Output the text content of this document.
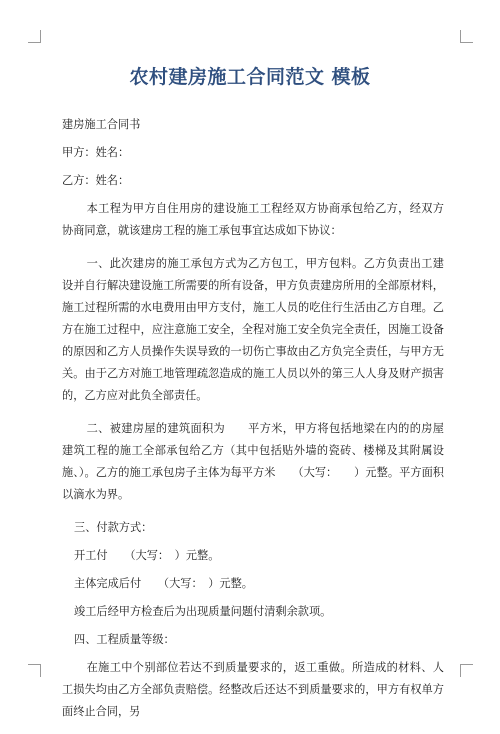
农村建房施工合同范文 模板

建房施工合同书

甲方：姓名：

乙方：姓名：

本工程为甲方自住用房的建设施工工程经双方协商承包给乙方，经双方协商同意，就该建房工程的施工承包事宜达成如下协议：

一、此次建房的施工承包方式为乙方包工，甲方包料。乙方负责出工建设并自行解决建设施工所需要的所有设备，甲方负责建房所用的全部原材料，施工过程所需的水电费用由甲方支付，施工人员的吃住行生活由乙方自理。乙方在施工过程中，应注意施工安全，全程对施工安全负完全责任，因施工设备的原因和乙方人员操作失误导致的一切伤亡事故由乙方负完全责任，与甲方无关。由于乙方对施工地管理疏忽造成的施工人员以外的第三人人身及财产损害的，乙方应对此负全部责任。

二、被建房屋的建筑面积为　　平方米，甲方将包括地梁在内的的房屋建筑工程的施工全部承包给乙方（其中包括贴外墙的瓷砖、楼梯及其附属设施、）。乙方的施工承包房子主体为每平方米　　（大写：　　）元整。平方面积以滴水为界。

三、付款方式：

开工付　　（大写：　）元整。

主体完成后付　　（大写：　）元整。

竣工后经甲方检查后为出现质量问题付清剩余款项。

四、工程质量等级：

在施工中个别部位若达不到质量要求的，返工重做。所造成的材料、人工损失均由乙方全部负责赔偿。经整改后还达不到质量要求的，甲方有权单方面终止合同，另
